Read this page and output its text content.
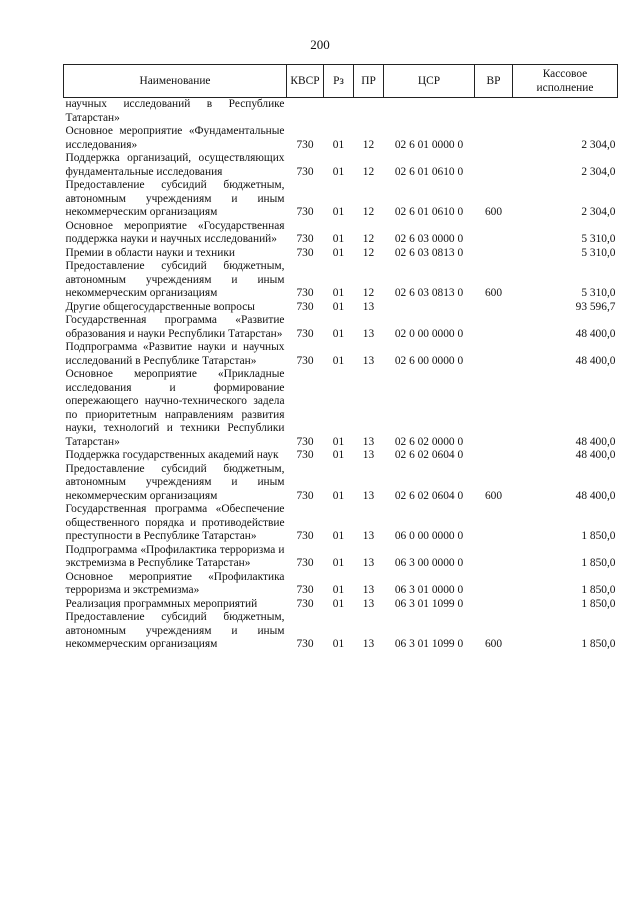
200
Наименование	КВСР	Рз	ПР	ЦСР	ВР	Кассовое исполнение
научных исследований в Республике Татарстан»						
Основное мероприятие «Фундаментальные исследования»	730	01	12	02 6 01 0000 0		2 304,0
Поддержка организаций, осуществляющих фундаментальные исследования	730	01	12	02 6 01 0610 0		2 304,0
Предоставление субсидий бюджетным, автономным учреждениям и иным некоммерческим организациям	730	01	12	02 6 01 0610 0	600	2 304,0
Основное мероприятие «Государственная поддержка науки и научных исследований»	730	01	12	02 6 03 0000 0		5 310,0
Премии в области науки и техники	730	01	12	02 6 03 0813 0		5 310,0
Предоставление субсидий бюджетным, автономным учреждениям и иным некоммерческим организациям	730	01	12	02 6 03 0813 0	600	5 310,0
Другие общегосударственные вопросы	730	01	13			93 596,7
Государственная программа «Развитие образования и науки Республики Татарстан»	730	01	13	02 0 00 0000 0		48 400,0
Подпрограмма «Развитие науки и научных исследований в Республике Татарстан»	730	01	13	02 6 00 0000 0		48 400,0
Основное мероприятие «Прикладные исследования и формирование опережающего научно-технического задела по приоритетным направлениям развития науки, технологий и техники Республики Татарстан»	730	01	13	02 6 02 0000 0		48 400,0
Поддержка государственных академий наук	730	01	13	02 6 02 0604 0		48 400,0
Предоставление субсидий бюджетным, автономным учреждениям и иным некоммерческим организациям	730	01	13	02 6 02 0604 0	600	48 400,0
Государственная программа «Обеспечение общественного порядка и противодействие преступности в Республике Татарстан»	730	01	13	06 0 00 0000 0		1 850,0
Подпрограмма «Профилактика терроризма и экстремизма в Республике Татарстан»	730	01	13	06 3 00 0000 0		1 850,0
Основное мероприятие «Профилактика терроризма и экстремизма»	730	01	13	06 3 01 0000 0		1 850,0
Реализация программных мероприятий	730	01	13	06 3 01 1099 0		1 850,0
Предоставление субсидий бюджетным, автономным учреждениям и иным некоммерческим организациям	730	01	13	06 3 01 1099 0	600	1 850,0
